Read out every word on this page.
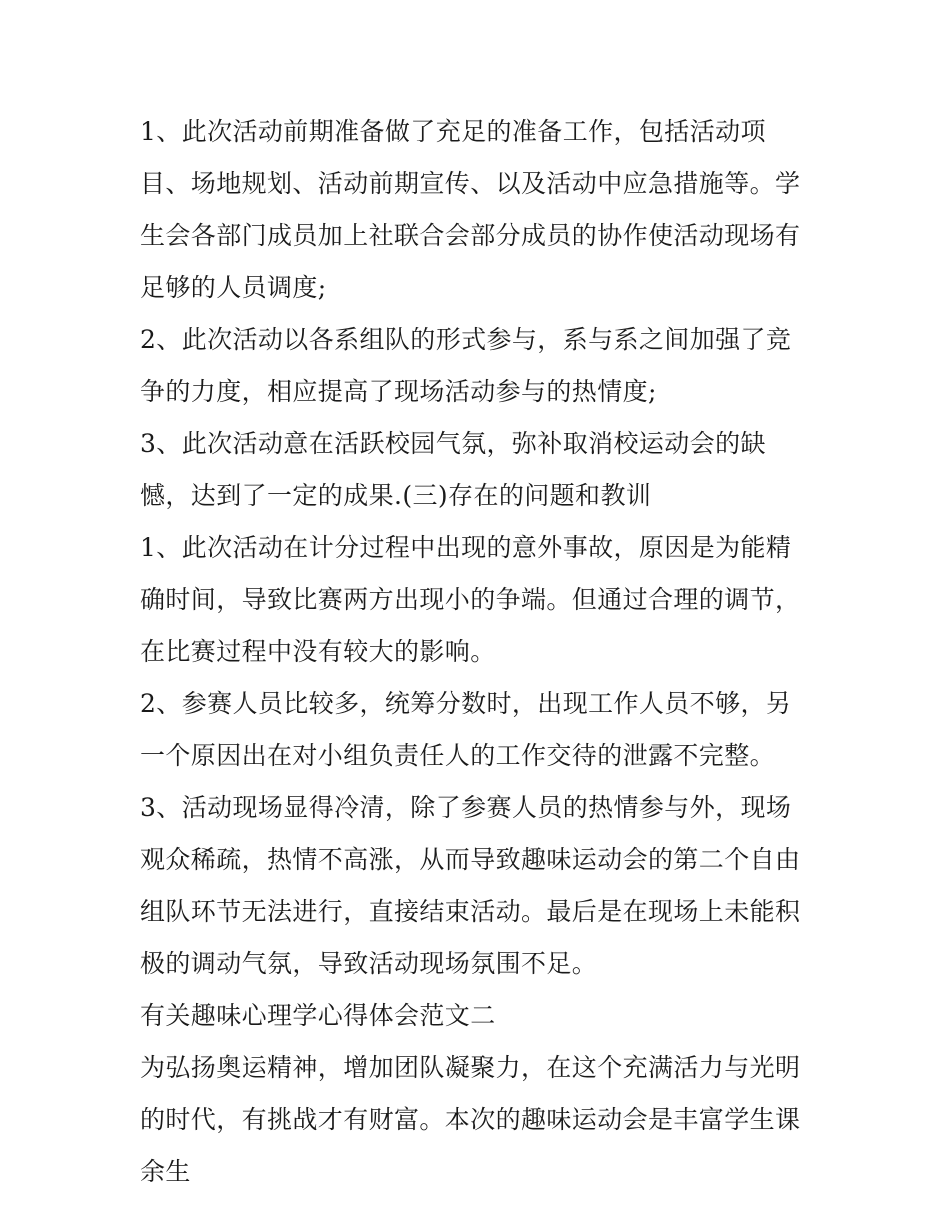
1、此次活动前期准备做了充足的准备工作，包括活动项目、场地规划、活动前期宣传、以及活动中应急措施等。学生会各部门成员加上社联合会部分成员的协作使活动现场有足够的人员调度;

2、此次活动以各系组队的形式参与，系与系之间加强了竞争的力度，相应提高了现场活动参与的热情度;

3、此次活动意在活跃校园气氛，弥补取消校运动会的缺憾，达到了一定的成果.(三)存在的问题和教训

1、此次活动在计分过程中出现的意外事故，原因是为能精确时间，导致比赛两方出现小的争端。但通过合理的调节，在比赛过程中没有较大的影响。

2、参赛人员比较多，统筹分数时，出现工作人员不够，另一个原因出在对小组负责任人的工作交待的泄露不完整。

3、活动现场显得冷清，除了参赛人员的热情参与外，现场观众稀疏，热情不高涨，从而导致趣味运动会的第二个自由组队环节无法进行，直接结束活动。最后是在现场上未能积极的调动气氛，导致活动现场氛围不足。

有关趣味心理学心得体会范文二

为弘扬奥运精神，增加团队凝聚力，在这个充满活力与光明的时代，有挑战才有财富。本次的趣味运动会是丰富学生课余生
